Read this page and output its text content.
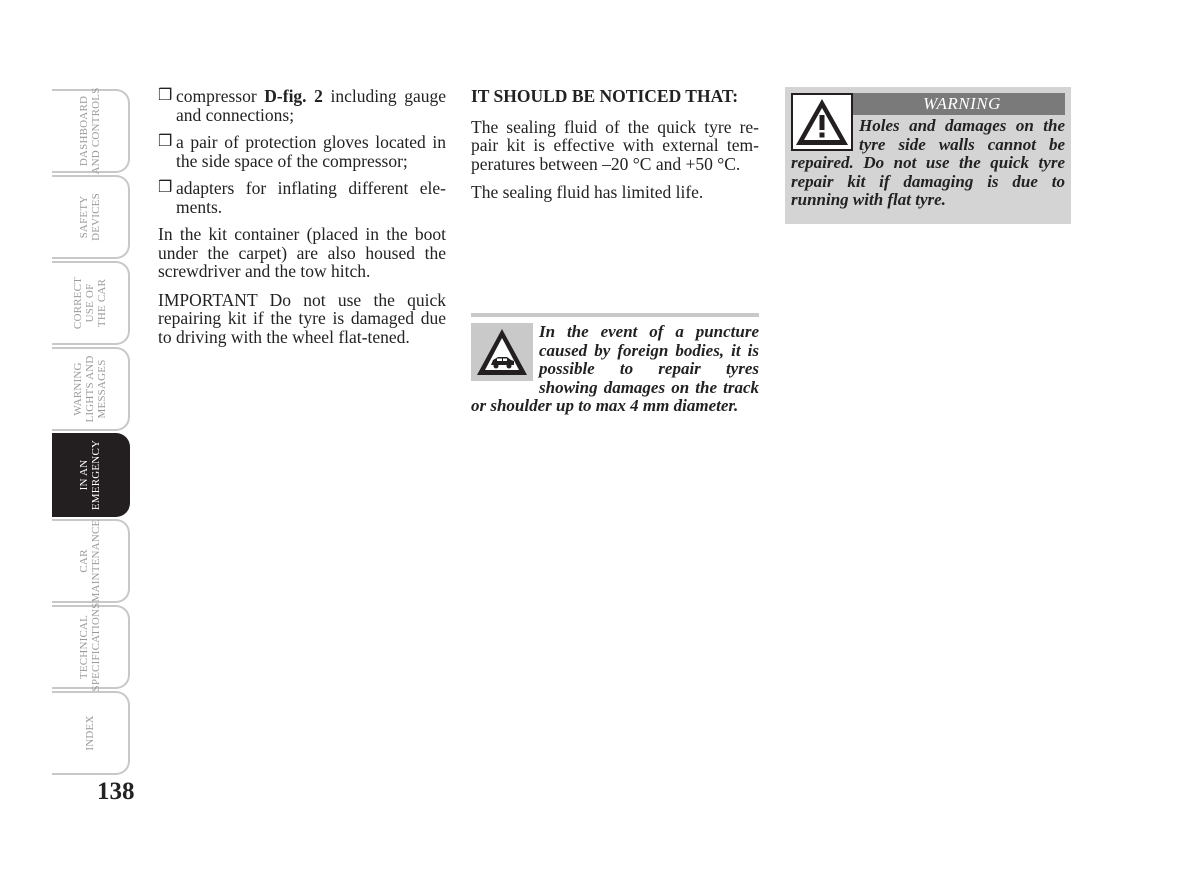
DASHBOARD
AND CONTROLS
SAFETY
DEVICES
CORRECT
USE OF
THE CAR
WARNING
LIGHTS AND
MESSAGES
IN AN
EMERGENCY
CAR
MAINTENANCE
TECHNICAL
SPECIFICATIONS
INDEX
138
❒ compressor D-fig. 2 including gauge and connections;
❒ a pair of protection gloves located in the side space of the compressor;
❒ adapters for inflating different ele-ments.

In the kit container (placed in the boot under the carpet) are also housed the screwdriver and the tow hitch.

IMPORTANT Do not use the quick repairing kit if the tyre is damaged due to driving with the wheel flat-tened.

IT SHOULD BE NOTICED THAT:

The sealing fluid of the quick tyre re-pair kit is effective with external tem-peratures between –20 °C and +50 °C.

The sealing fluid has limited life.

In the event of a puncture caused by foreign bodies, it is possible to repair tyres showing damages on the track or shoulder up to max 4 mm diameter.
WARNING
Holes and damages on the tyre side walls cannot be repaired. Do not use the quick tyre repair kit if damaging is due to running with flat tyre.
